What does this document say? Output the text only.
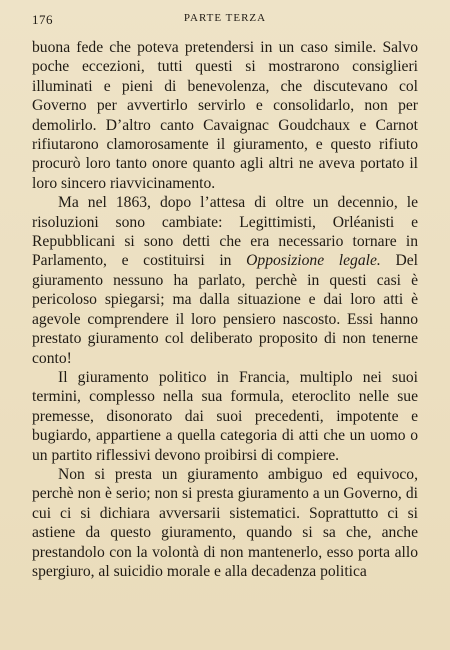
176	PARTE TERZA

buona fede che poteva pretendersi in un caso simile. Salvo poche eccezioni, tutti questi si mostrarono consiglieri illuminati e pieni di benevolenza, che discutevano col Governo per avvertirlo servirlo e consolidarlo, non per demolirlo. D’altro canto Cavaignac Goudchaux e Carnot rifiutarono clamorosamente il giuramento, e questo rifiuto procurò loro tanto onore quanto agli altri ne aveva portato il loro sincero riavvicinamento.

Ma nel 1863, dopo l’attesa di oltre un decennio, le risoluzioni sono cambiate: Legittimisti, Orléanisti e Repubblicani si sono detti che era necessario tornare in Parlamento, e costituirsi in Opposizione legale. Del giuramento nessuno ha parlato, perchè in questi casi è pericoloso spiegarsi; ma dalla situazione e dai loro atti è agevole comprendere il loro pensiero nascosto. Essi hanno prestato giuramento col deliberato proposito di non tenerne conto!

Il giuramento politico in Francia, multiplo nei suoi termini, complesso nella sua formula, eteroclito nelle sue premesse, disonorato dai suoi precedenti, impotente e bugiardo, appartiene a quella categoria di atti che un uomo o un partito riflessivi devono proibirsi di compiere.

Non si presta un giuramento ambiguo ed equivoco, perchè non è serio; non si presta giuramento a un Governo, di cui ci si dichiara avversarii sistematici. Soprattutto ci si astiene da questo giuramento, quando si sa che, anche prestandolo con la volontà di non mantenerlo, esso porta allo spergiuro, al suicidio morale e alla decadenza politica
